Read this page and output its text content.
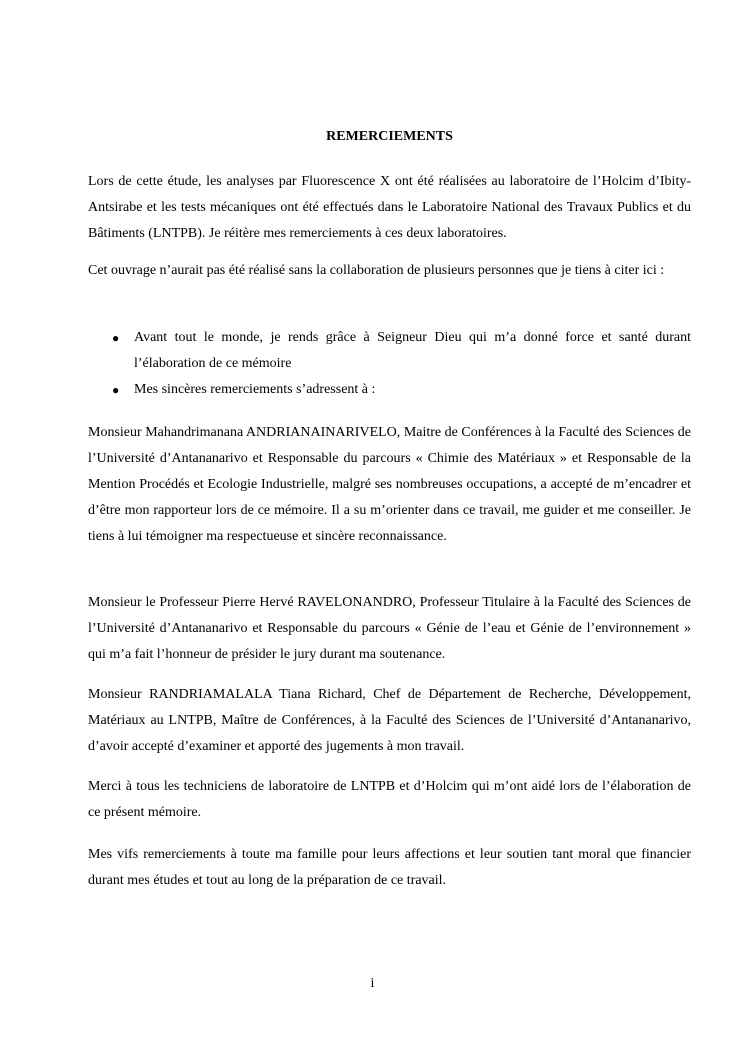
REMERCIEMENTS

Lors de cette étude, les analyses par Fluorescence X ont été réalisées au laboratoire de l’Holcim d’Ibity-Antsirabe et les tests mécaniques ont été effectués dans le Laboratoire National des Travaux Publics et du Bâtiments (LNTPB). Je réitère mes remerciements à ces deux laboratoires.

Cet ouvrage n’aurait pas été réalisé sans la collaboration de plusieurs personnes que je tiens à citer ici :

● Avant tout le monde, je rends grâce à Seigneur Dieu qui m’a donné force et santé durant l’élaboration de ce mémoire
● Mes sincères remerciements s’adressent à :

Monsieur Mahandrimanana ANDRIANAINARIVELO, Maitre de Conférences à la Faculté des Sciences de l’Université d’Antananarivo et Responsable du parcours « Chimie des Matériaux » et Responsable de la Mention Procédés et Ecologie Industrielle, malgré ses nombreuses occupations, a accepté de m’encadrer et d’être mon rapporteur lors de ce mémoire. Il a su m’orienter dans ce travail, me guider et me conseiller. Je tiens à lui témoigner ma respectueuse et sincère reconnaissance.

Monsieur le Professeur Pierre Hervé RAVELONANDRO, Professeur Titulaire à la Faculté des Sciences de l’Université d’Antananarivo et Responsable du parcours « Génie de l’eau et Génie de l’environnement » qui m’a fait l’honneur de présider le jury durant ma soutenance.

Monsieur RANDRIAMALALA Tiana Richard, Chef de Département de Recherche, Développement, Matériaux au LNTPB, Maître de Conférences, à la Faculté des Sciences de l’Université d’Antananarivo, d’avoir accepté d’examiner et apporté des jugements à mon travail.

Merci à tous les techniciens de laboratoire de LNTPB et d’Holcim qui m’ont aidé lors de l’élaboration de ce présent mémoire.

Mes vifs remerciements à toute ma famille pour leurs affections et leur soutien tant moral que financier durant mes études et tout au long de la préparation de ce travail.

i
